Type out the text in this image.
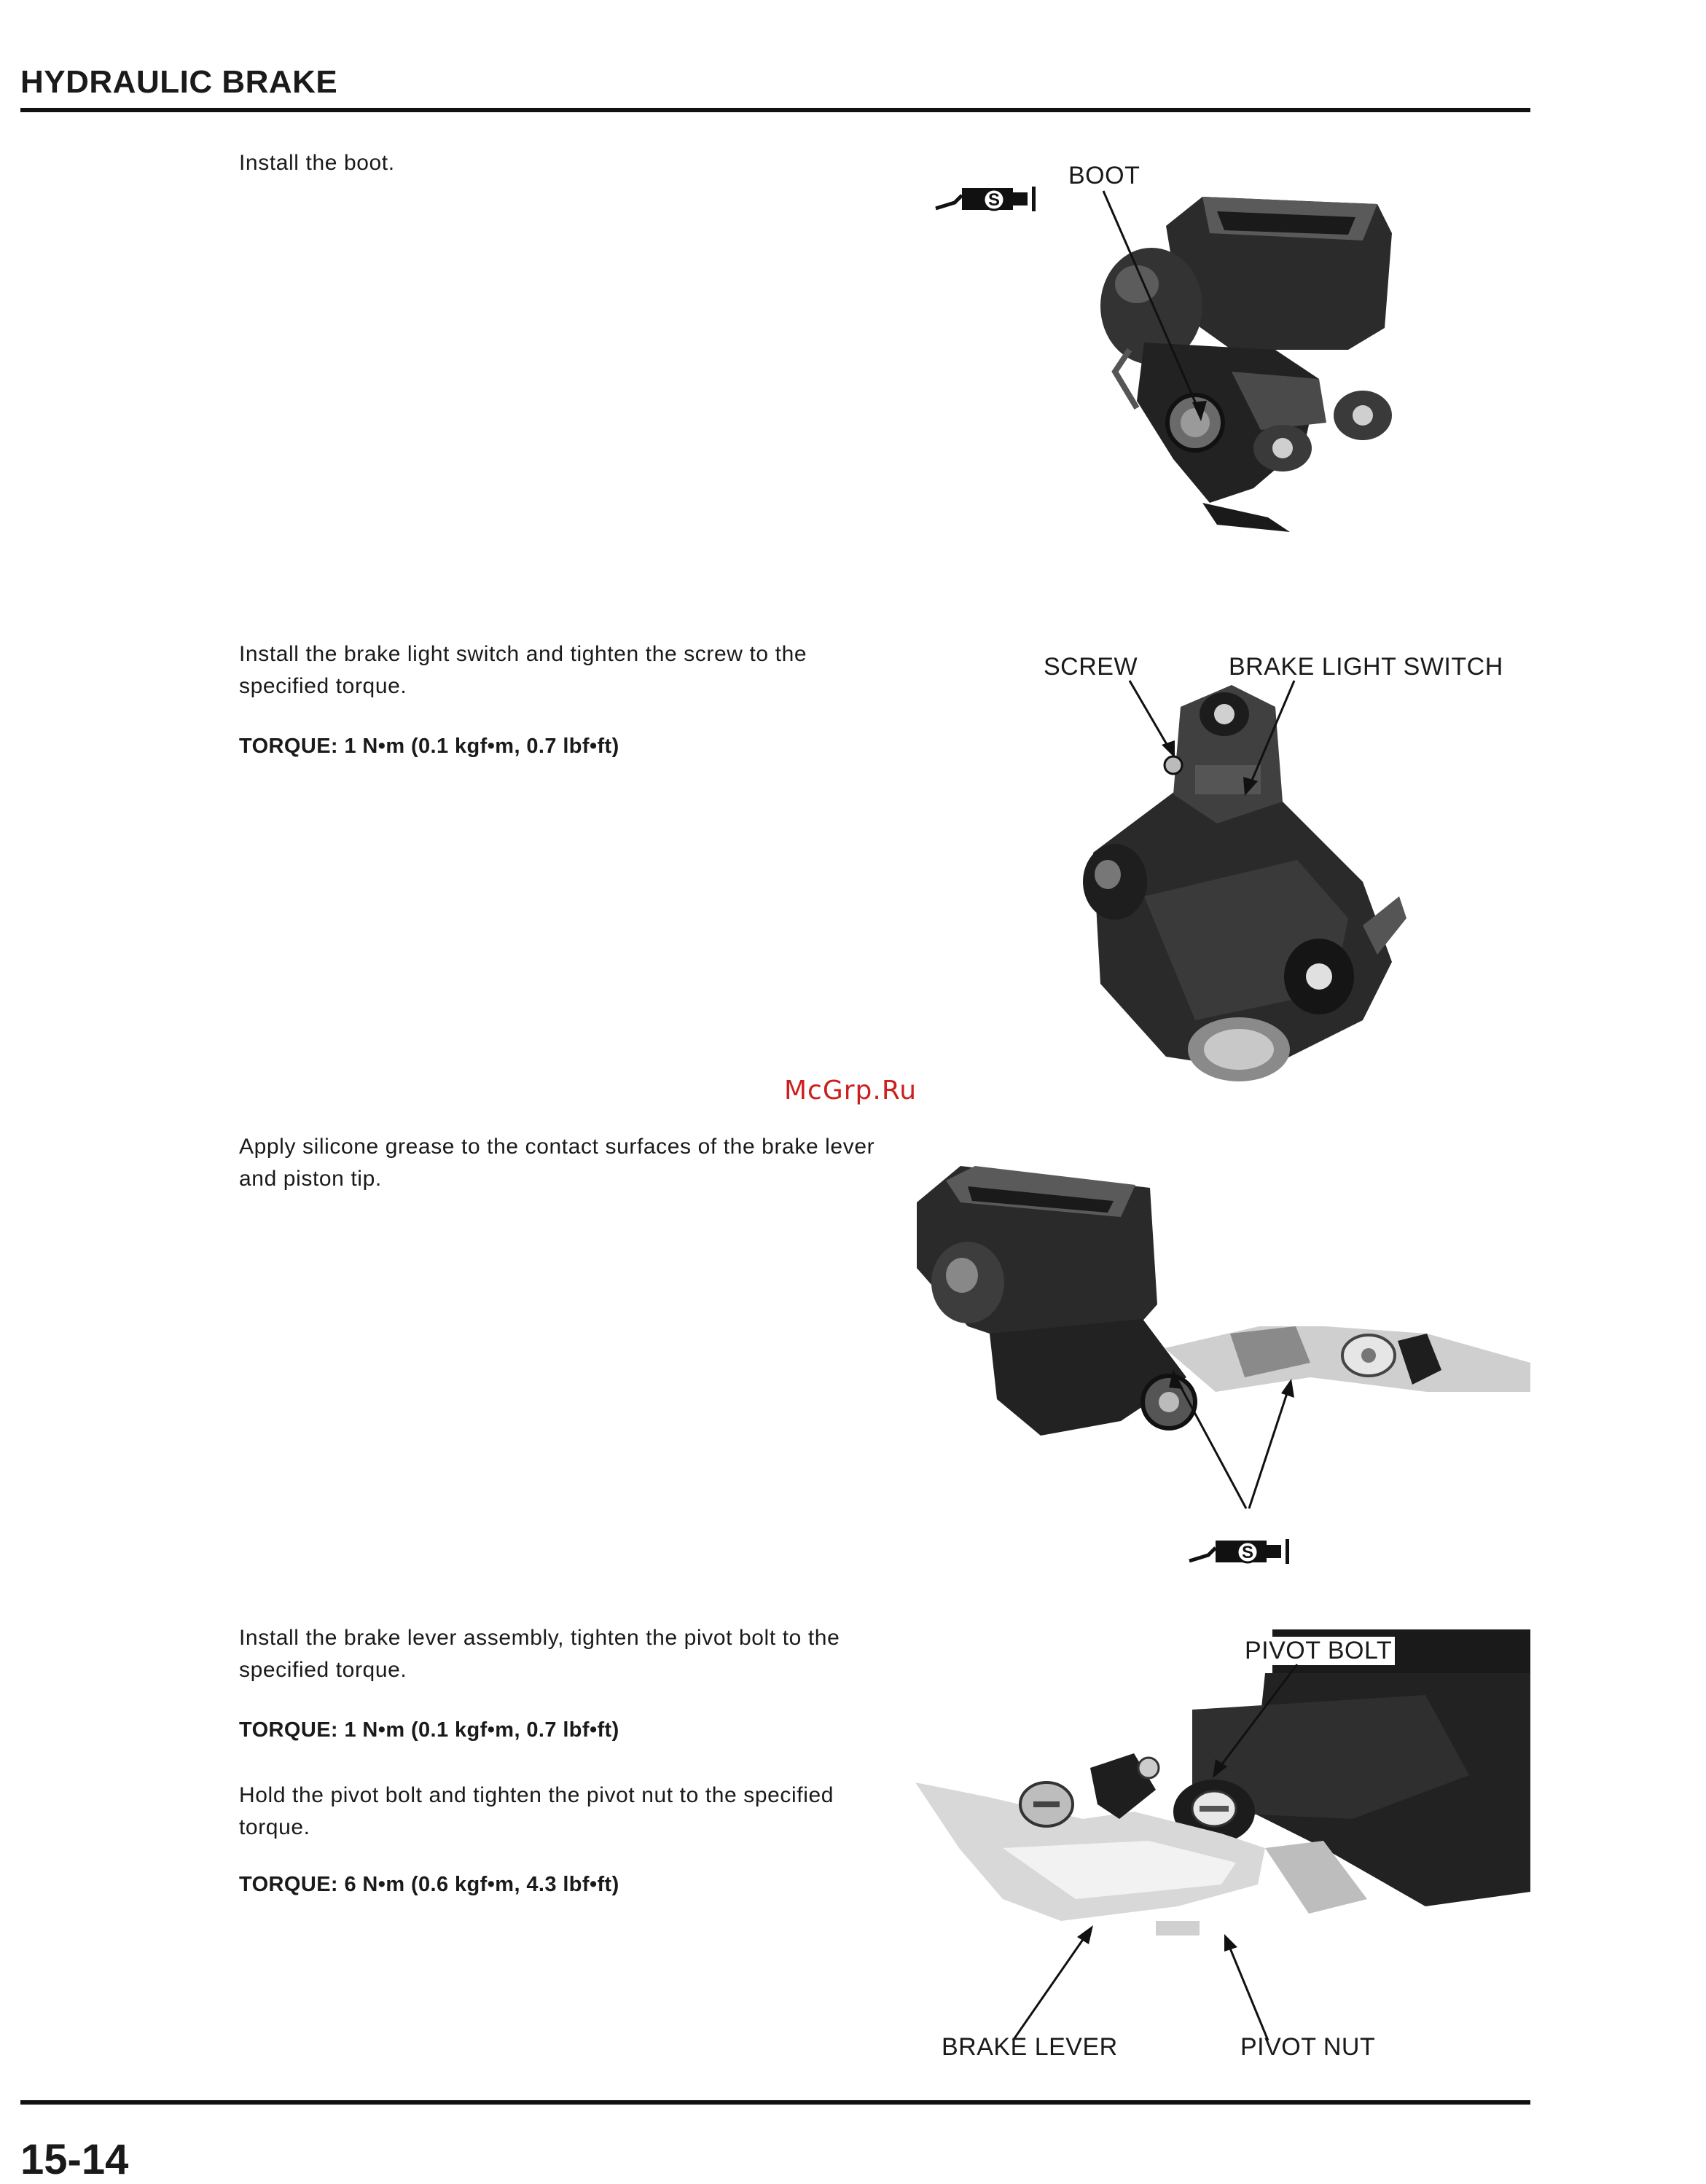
HYDRAULIC BRAKE
Install the boot.
S
BOOT
Install the brake light switch and tighten the screw to the specified torque.
TORQUE: 1 N•m (0.1 kgf•m, 0.7 lbf•ft)
SCREW	BRAKE LIGHT SWITCH
McGrp.Ru
Apply silicone grease to the contact surfaces of the brake lever and piston tip.
S
Install the brake lever assembly, tighten the pivot bolt to the specified torque.
TORQUE: 1 N•m (0.1 kgf•m, 0.7 lbf•ft)
Hold the pivot bolt and tighten the pivot nut to the specified torque.
TORQUE: 6 N•m (0.6 kgf•m, 4.3 lbf•ft)
PIVOT BOLT
BRAKE LEVER	PIVOT NUT
15-14
